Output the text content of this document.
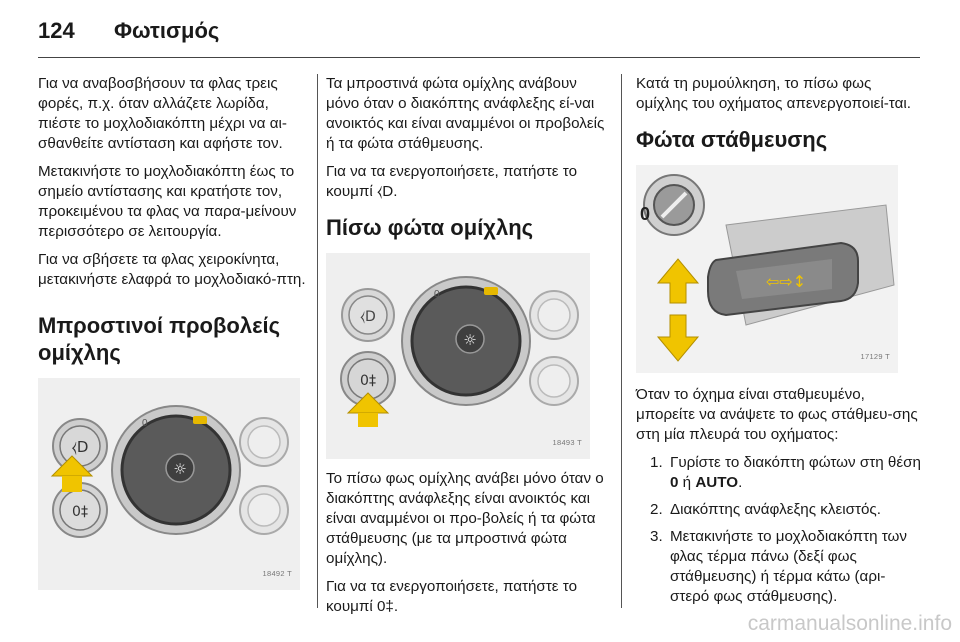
124	Φωτισμός

Για να αναβοσβήσουν τα φλας τρεις φορές, π.χ. όταν αλλάζετε λωρίδα, πιέστε το μοχλοδιακόπτη μέχρι να αι-σθανθείτε αντίσταση και αφήστε τον.

Μετακινήστε το μοχλοδιακόπτη έως το σημείο αντίστασης και κρατήστε τον, προκειμένου τα φλας να παρα-μείνουν περισσότερο σε λειτουργία.

Για να σβήσετε τα φλας χειροκίνητα, μετακινήστε ελαφρά το μοχλοδιακό-πτη.

Μπροστινοί προβολείς ομίχλης
⧼D
0‡
☼
0
18492 T

Τα μπροστινά φώτα ομίχλης ανάβουν μόνο όταν ο διακόπτης ανάφλεξης εί-ναι ανοικτός και είναι αναμμένοι οι προβολείς ή τα φώτα στάθμευσης.

Για να τα ενεργοποιήσετε, πατήστε το κουμπί ⧼D.

Πίσω φώτα ομίχλης
⧼D
0‡
☼
0
18493 T

Το πίσω φως ομίχλης ανάβει μόνο όταν ο διακόπτης ανάφλεξης είναι ανοικτός και είναι αναμμένοι οι προ-βολείς ή τα φώτα στάθμευσης (με τα μπροστινά φώτα ομίχλης).

Για να τα ενεργοποιήσετε, πατήστε το κουμπί 0‡.

Κατά τη ρυμούλκηση, το πίσω φως ομίχλης του οχήματος απενεργοποιεί-ται.

Φώτα στάθμευσης
0
⇦⇨↕
17129 T

Όταν το όχημα είναι σταθμευμένο, μπορείτε να ανάψετε το φως στάθμευ-σης στη μία πλευρά του οχήματος:

1. Γυρίστε το διακόπτη φώτων στη θέση 0 ή AUTO.
2. Διακόπτης ανάφλεξης κλειστός.
3. Μετακινήστε το μοχλοδιακόπτη των φλας τέρμα πάνω (δεξί φως στάθμευσης) ή τέρμα κάτω (αρι-στερό φως στάθμευσης).
carmanualsonline.info
